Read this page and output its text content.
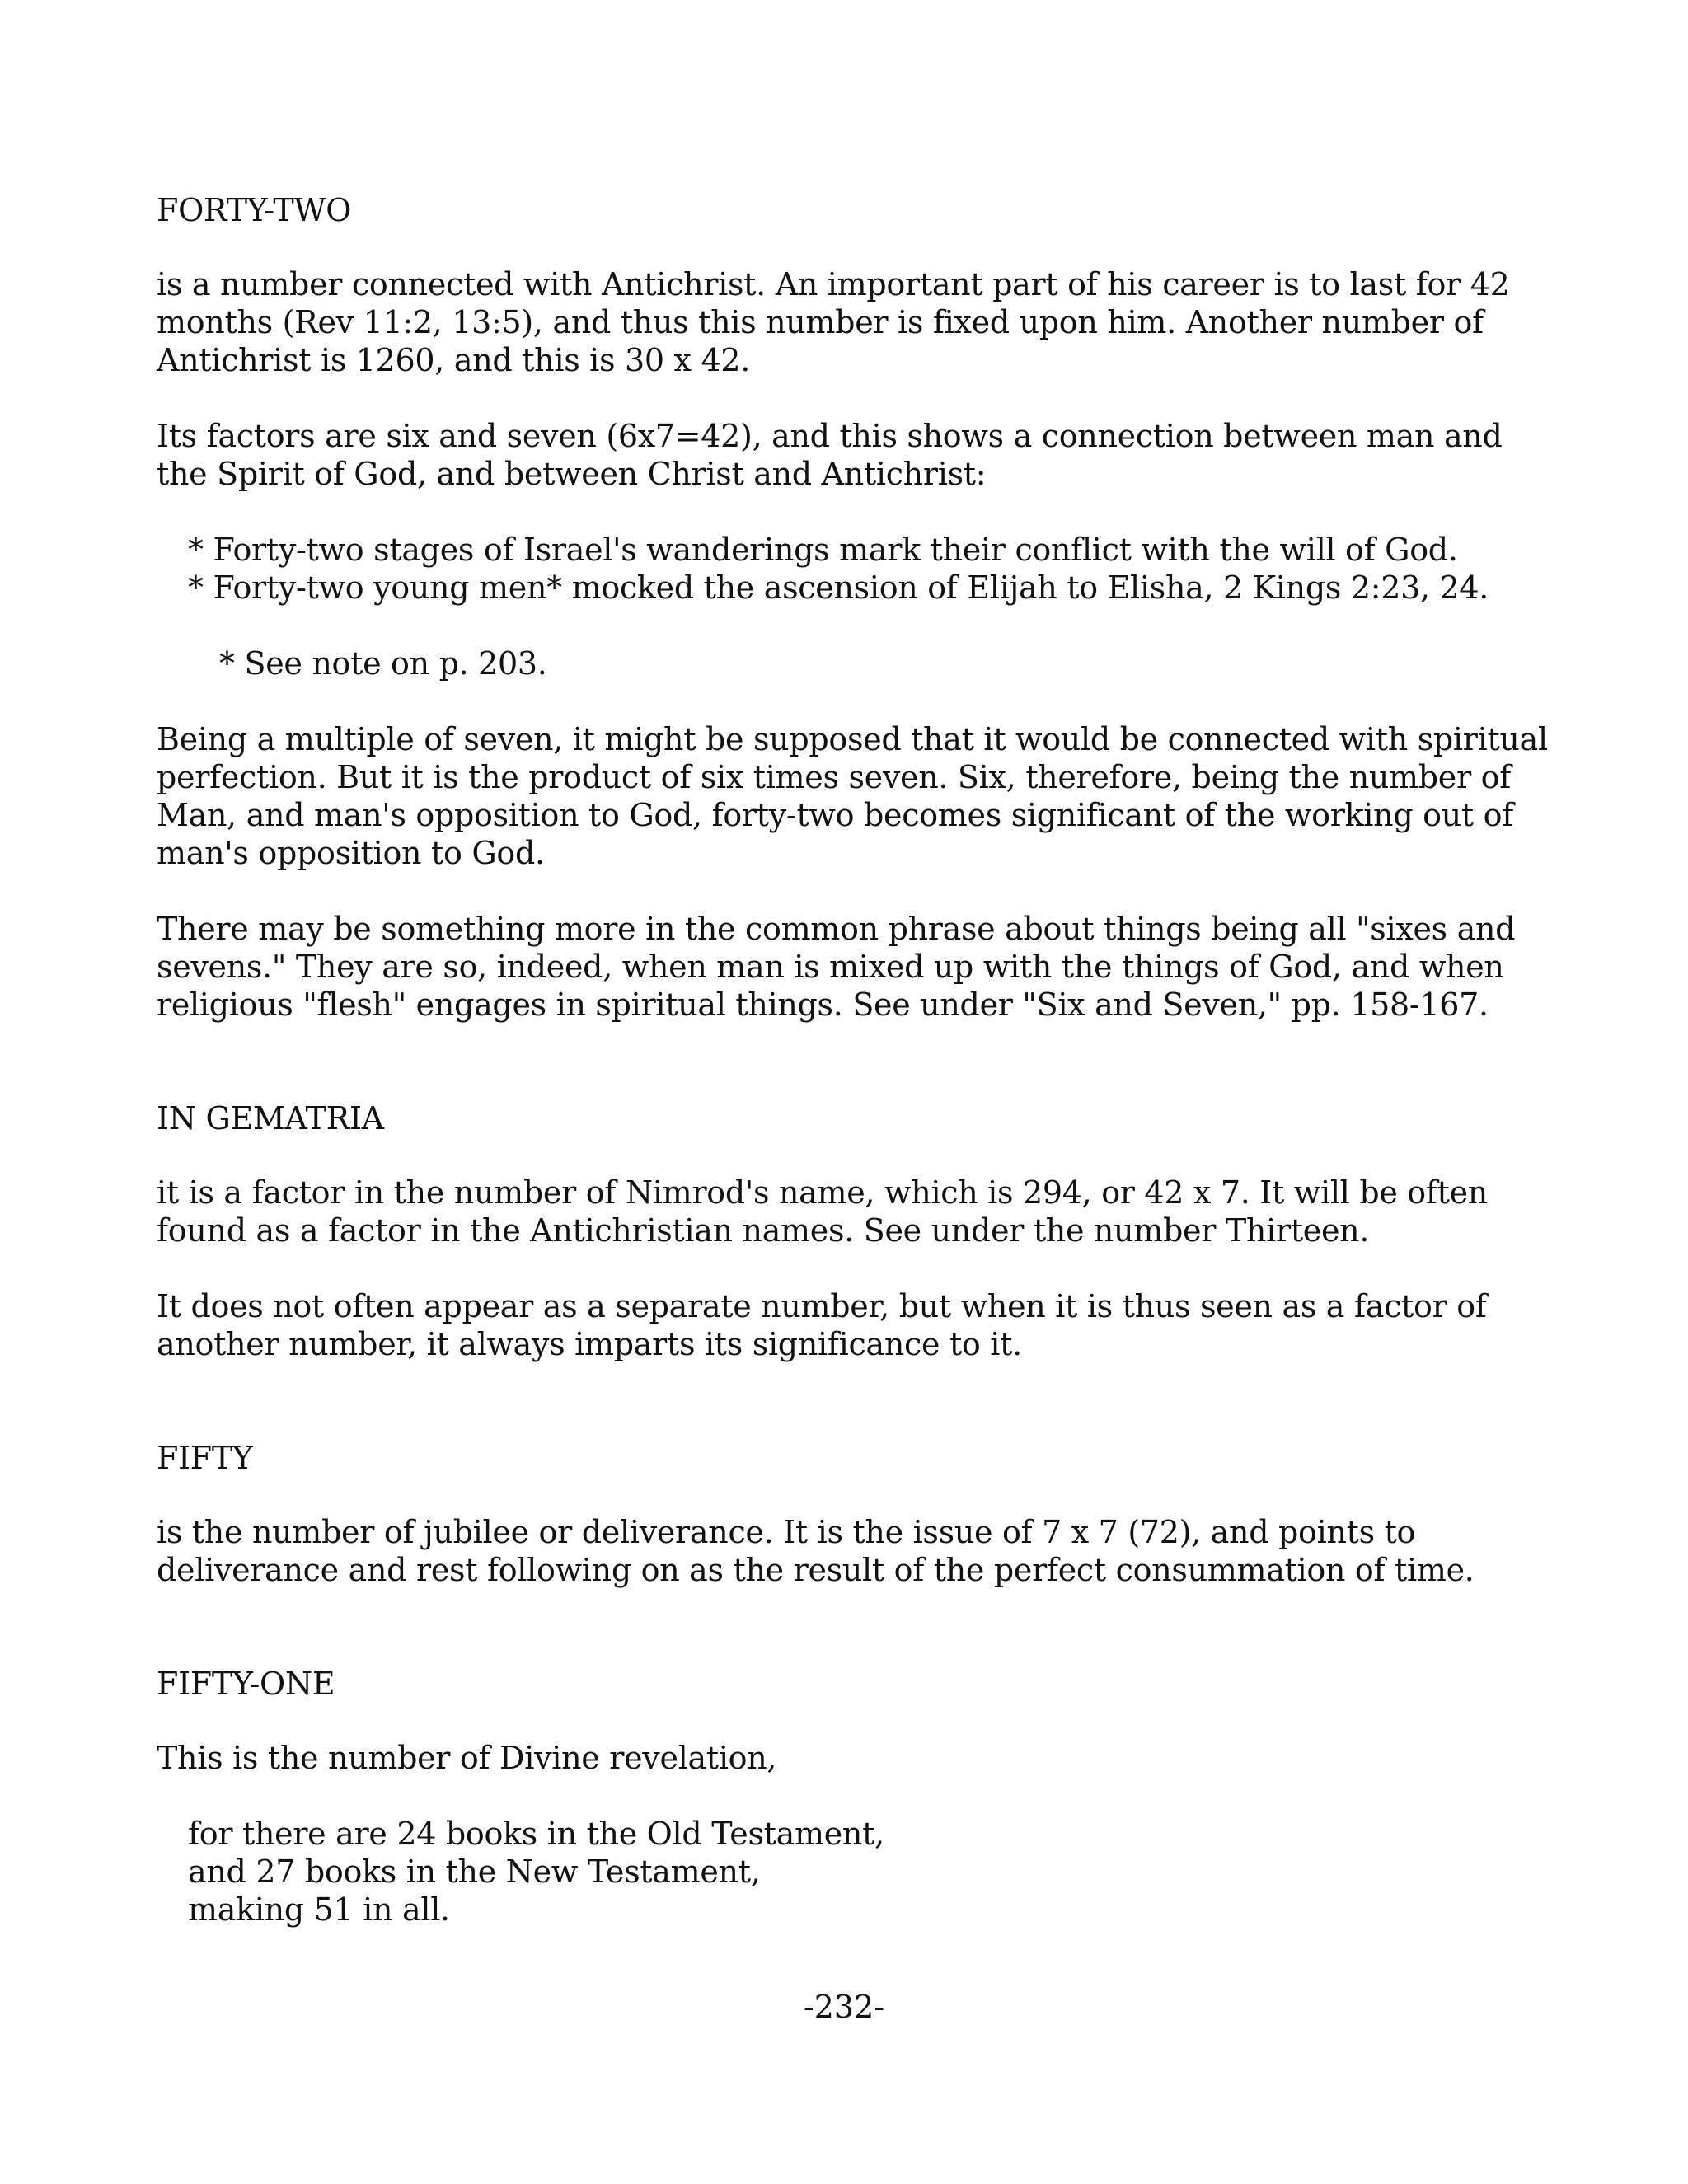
FORTY-TWO
is a number connected with Antichrist. An important part of his career is to last for 42 months (Rev 11:2, 13:5), and thus this number is fixed upon him. Another number of Antichrist is 1260, and this is 30 x 42.
Its factors are six and seven (6x7=42), and this shows a connection between man and the Spirit of God, and between Christ and Antichrist:
* Forty-two stages of Israel's wanderings mark their conflict with the will of God.
* Forty-two young men* mocked the ascension of Elijah to Elisha, 2 Kings 2:23, 24.
* See note on p. 203.
Being a multiple of seven, it might be supposed that it would be connected with spiritual perfection. But it is the product of six times seven. Six, therefore, being the number of Man, and man's opposition to God, forty-two becomes significant of the working out of man's opposition to God.
There may be something more in the common phrase about things being all "sixes and sevens." They are so, indeed, when man is mixed up with the things of God, and when religious "flesh" engages in spiritual things. See under "Six and Seven," pp. 158-167.
IN GEMATRIA
it is a factor in the number of Nimrod's name, which is 294, or 42 x 7. It will be often found as a factor in the Antichristian names. See under the number Thirteen.
It does not often appear as a separate number, but when it is thus seen as a factor of another number, it always imparts its significance to it.
FIFTY
is the number of jubilee or deliverance. It is the issue of 7 x 7 (72), and points to deliverance and rest following on as the result of the perfect consummation of time.
FIFTY-ONE
This is the number of Divine revelation,
for there are 24 books in the Old Testament,
and 27 books in the New Testament,
making 51 in all.
-232-
